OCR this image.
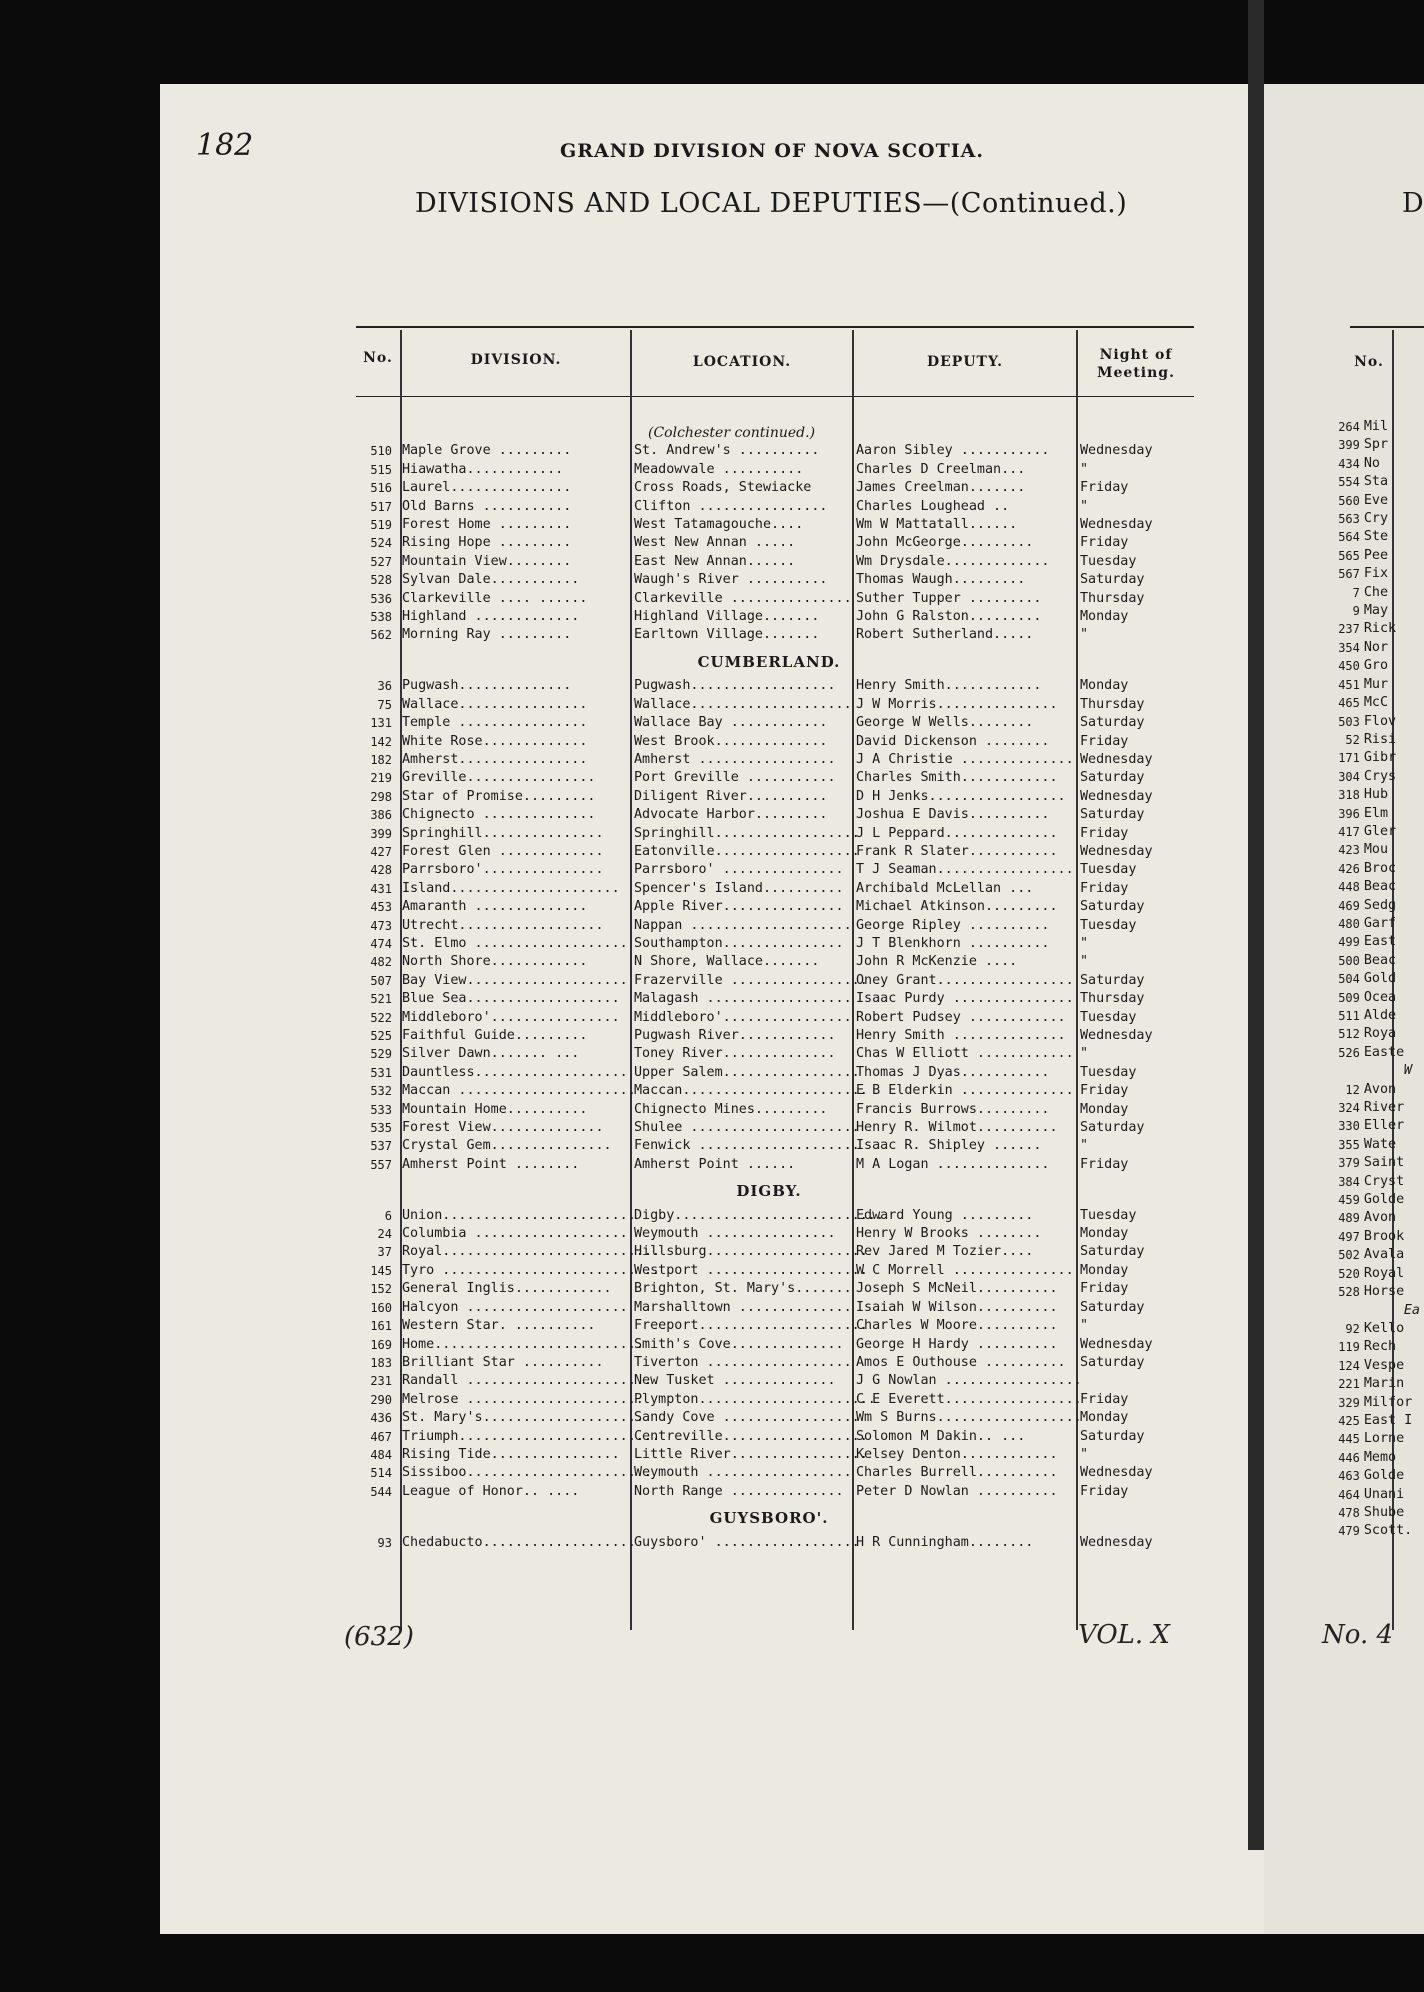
182	GRAND DIVISION OF NOVA SCOTIA.
DIVISIONS AND LOCAL DEPUTIES—(Continued.)	D
No.	DIVISION.	LOCATION.	DEPUTY.	Night of Meeting.
No.
		(Colchester continued.)		
510	Maple Grove .........	St. Andrew's ..........	Aaron Sibley ...........	Wednesday
515	Hiawatha............	Meadowvale ..........	Charles D Creelman...	"
516	Laurel...............	Cross Roads, Stewiacke	James Creelman.......	Friday
517	Old Barns ...........	Clifton ................	Charles Loughead ..	"
519	Forest Home .........	West Tatamagouche....	Wm W Mattatall......	Wednesday
524	Rising Hope .........	West New Annan .....	John McGeorge.........	Friday
527	Mountain View........	East New Annan......	Wm Drysdale.............	Tuesday
528	Sylvan Dale...........	Waugh's River ..........	Thomas Waugh.........	Saturday
536	Clarkeville .... ......	Clarkeville ...............	Suther Tupper .........	Thursday
538	Highland .............	Highland Village.......	John G Ralston.........	Monday
562	Morning Ray .........	Earltown Village.......	Robert Sutherland.....	"
CUMBERLAND.				
36	Pugwash..............	Pugwash..................	Henry Smith............	Monday
75	Wallace................	Wallace....................	J W Morris...............	Thursday
131	Temple ................	Wallace Bay ............	George W Wells........	Saturday
142	White Rose.............	West Brook..............	David Dickenson ........	Friday
182	Amherst................	Amherst .................	J A Christie ..............	Wednesday
219	Greville................	Port Greville ...........	Charles Smith............	Saturday
298	Star of Promise.........	Diligent River..........	D H Jenks.................	Wednesday
386	Chignecto ..............	Advocate Harbor.........	Joshua E Davis..........	Saturday
399	Springhill...............	Springhill..................	J L Peppard..............	Friday
427	Forest Glen .............	Eatonville..................	Frank R Slater...........	Wednesday
428	Parrsboro'...............	Parrsboro' ...............	T J Seaman.................	Tuesday
431	Island.....................	Spencer's Island..........	Archibald McLellan ...	Friday
453	Amaranth ..............	Apple River...............	Michael Atkinson.........	Saturday
473	Utrecht..................	Nappan ....................	George Ripley ..........	Tuesday
474	St. Elmo ...................	Southampton...............	J T Blenkhorn ..........	"
482	North Shore............	N Shore, Wallace.......	John R McKenzie ....	"
507	Bay View....................	Frazerville .................	Oney Grant.................	Saturday
521	Blue Sea...................	Malagash ..................	Isaac Purdy ...............	Thursday
522	Middleboro'................	Middleboro'................	Robert Pudsey ............	Tuesday
525	Faithful Guide.........	Pugwash River............	Henry Smith ..............	Wednesday
529	Silver Dawn....... ...	Toney River..............	Chas W Elliott ............	"
531	Dauntless...................	Upper Salem.................	Thomas J Dyas...........	Tuesday
532	Maccan ......................	Maccan.......................	E B Elderkin ..............	Friday
533	Mountain Home..........	Chignecto Mines.........	Francis Burrows.........	Monday
535	Forest View..............	Shulee .....................	Henry R. Wilmot..........	Saturday
537	Crystal Gem...............	Fenwick ....................	Isaac R. Shipley ......	"
557	Amherst Point ........	Amherst Point ......	M A Logan ..............	Friday
DIGBY.				
6	Union........................	Digby..........................	Edward Young .........	Tuesday
24	Columbia ...................	Weymouth ................	Henry W Brooks ........	Monday
37	Royal...........................	Hillsburg....................	Rev Jared M Tozier....	Saturday
145	Tyro ...........................	Westport ....................	W C Morrell ...............	Monday
152	General Inglis............	Brighton, St. Mary's.......	Joseph S McNeil..........	Friday
160	Halcyon ....................	Marshalltown ..............	Isaiah W Wilson..........	Saturday
161	Western Star. ..........	Freeport.....................	Charles W Moore..........	"
169	Home..........................	Smith's Cove..............	George H Hardy ..........	Wednesday
183	Brilliant Star ..........	Tiverton ..................	Amos E Outhouse ..........	Saturday
231	Randall ........................	New Tusket ..............	J G Nowlan .................	
290	Melrose ......................	Plympton......................	C E Everett.................	Friday
436	St. Mary's....................	Sandy Cove .................	Wm S Burns..................	Monday
467	Triumph.........................	Centreville..................	Solomon M Dakin.. ...	Saturday
484	Rising Tide................	Little River.................	Kelsey Denton............	"
514	Sissiboo.......................	Weymouth ..................	Charles Burrell..........	Wednesday
544	League of Honor.. ....	North Range ..............	Peter D Nowlan ..........	Friday
GUYSBORO'.				
93	Chedabucto...................	Guysboro' ..................	H R Cunningham........	Wednesday
264	Mil
399	Spr
434	No
554	Sta
560	Eve
563	Cry
564	Ste
565	Pee
567	Fix

7	Che
9	May
237	Rick
354	Nor
450	Gro
451	Mur
465	McC
503	Flov
52	Risi
171	Gibr
304	Crys
318	Hub
396	Elm
417	Gler
423	Mou
426	Broc
448	Beac
469	Sedg
480	Garf
499	East
500	Beac
504	Gold
509	Ocea
511	Alde
512	Roya
526	Easte

	W
12	Avon
324	River
330	Eller
355	Wate
379	Saint
384	Cryst
459	Golde
489	Avon
497	Brook
502	Avala
520	Royal
528	Horse
	Ea
92	Kello
119	Rech
124	Vespe
221	Marin
329	Milfor
425	East I
445	Lorne
446	Memo
463	Golde
464	Unani
478	Shube
479	Scott.
(632)	VOL. X	No. 4
